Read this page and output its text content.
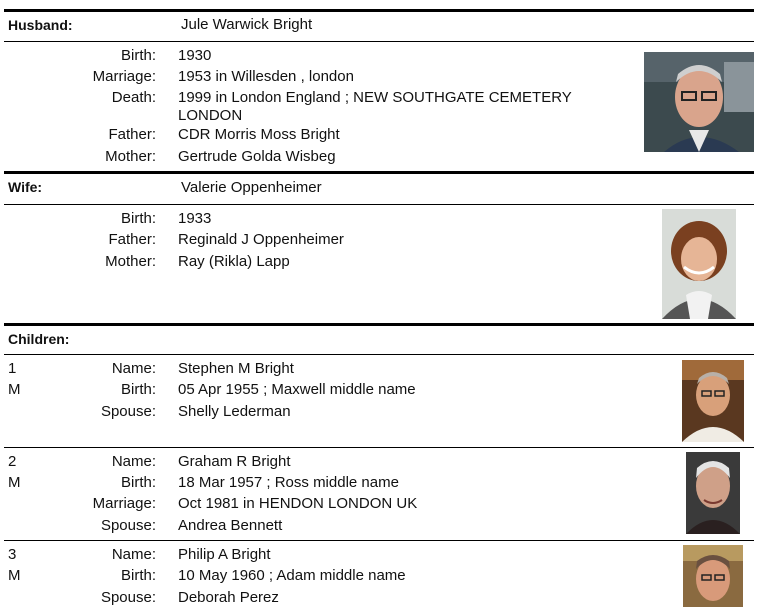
Husband:	Jule Warwick Bright
Birth: 1930
Marriage: 1953 in Willesden , london
Death: 1999 in London England ; NEW SOUTHGATE CEMETERY LONDON
Father: CDR Morris Moss Bright
Mother: Gertrude Golda Wisbeg
Wife:	Valerie Oppenheimer
Birth: 1933
Father: Reginald J Oppenheimer
Mother: Ray (Rikla) Lapp
Children:
1
M
Name: Stephen M Bright
Birth: 05 Apr 1955 ; Maxwell middle name
Spouse: Shelly Lederman
2
M
Name: Graham R Bright
Birth: 18 Mar 1957 ; Ross middle name
Marriage: Oct 1981 in HENDON LONDON UK
Spouse: Andrea Bennett
3
M
Name: Philip A Bright
Birth: 10 May 1960 ; Adam middle name
Spouse: Deborah Perez
